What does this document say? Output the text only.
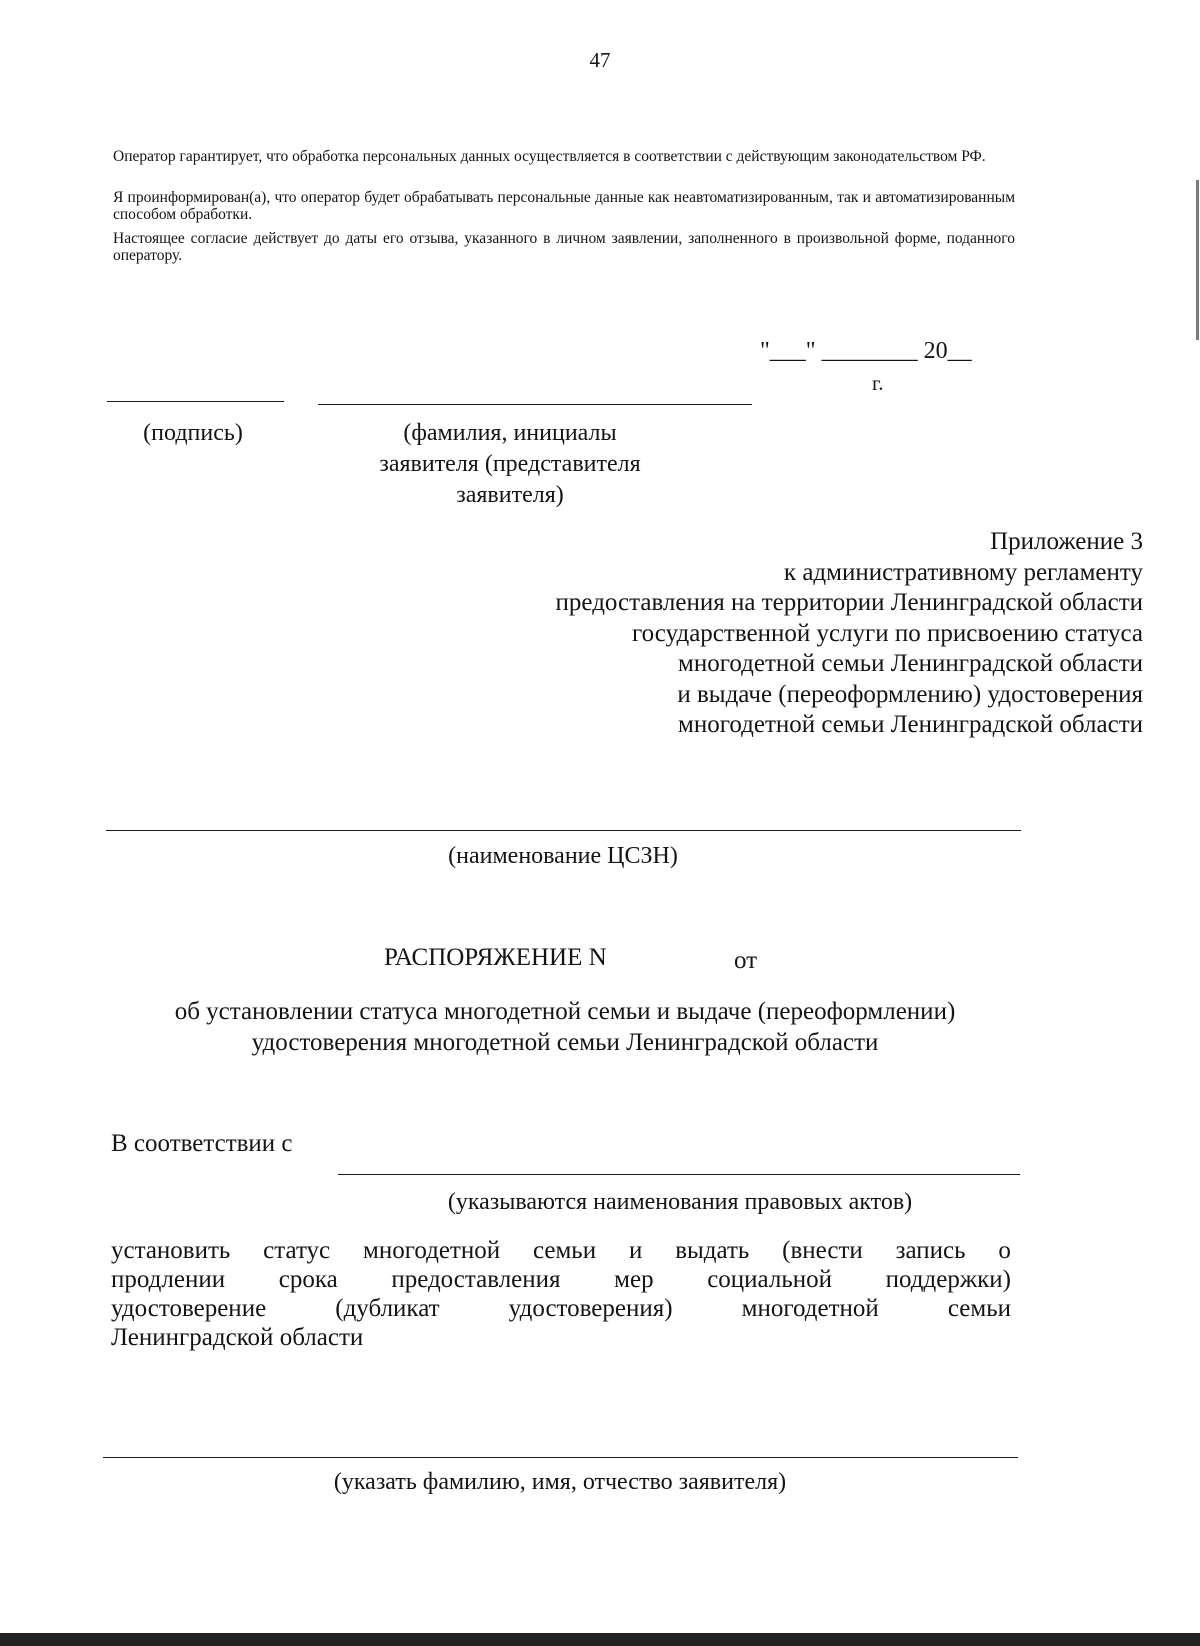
47
Оператор гарантирует, что обработка персональных данных осуществляется в соответствии с действующим законодательством РФ.
Я проинформирован(а), что оператор будет обрабатывать персональные данные как неавтоматизированным, так и автоматизированным способом обработки.
Настоящее согласие действует до даты его отзыва, указанного в личном заявлении, заполненного в произвольной форме, поданного оператору.
"___" ________ 20__
г.
(подпись)	(фамилия, инициалы
заявителя (представителя
заявителя)
Приложение 3
к административному регламенту
предоставления на территории Ленинградской области
государственной услуги по присвоению статуса
многодетной семьи Ленинградской области
и выдаче (переоформлению) удостоверения
многодетной семьи Ленинградской области
(наименование ЦСЗН)
РАСПОРЯЖЕНИЕ N	от
об установлении статуса многодетной семьи и выдаче (переоформлении)
удостоверения многодетной семьи Ленинградской области
В соответствии с
(указываются наименования правовых актов)
установить статус многодетной семьи и выдать (внести запись о
продлении срока предоставления мер социальной поддержки)
удостоверение	(дубликат	удостоверения)	многодетной	семьи
Ленинградской области
(указать фамилию, имя, отчество заявителя)
